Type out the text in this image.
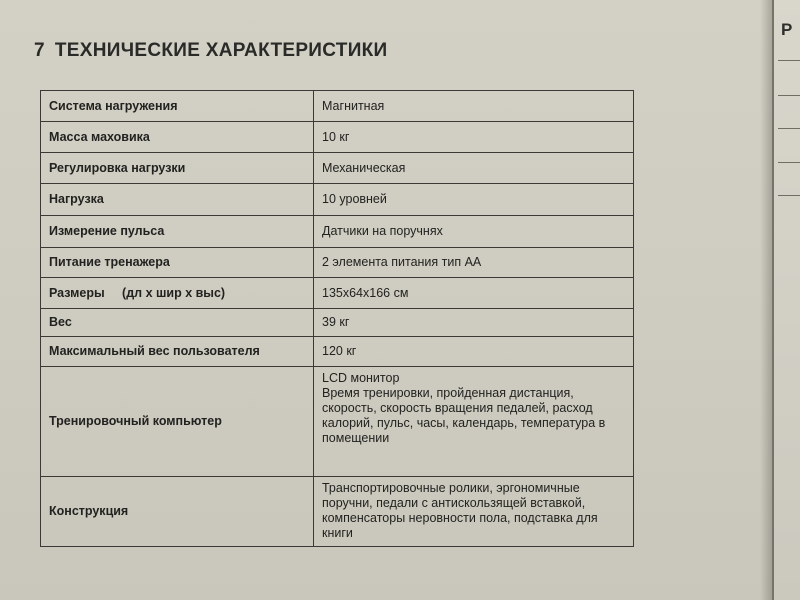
7 ТЕХНИЧЕСКИЕ ХАРАКТЕРИСТИКИ
Система нагружения	Магнитная
Масса маховика	10 кг
Регулировка нагрузки	Механическая
Нагрузка	10 уровней
Измерение пульса	Датчики на поручнях
Питание тренажера	2 элемента питания тип АА
Размеры     (дл x шир x выс)	135x64x166 см
Вес	39 кг
Максимальный вес пользователя	120 кг
Тренировочный компьютер	LCD монитор
Время тренировки, пройденная дистанция,
скорость, скорость вращения педалей, расход
калорий, пульс, часы, календарь, температура в
помещении

Конструкция	Транспортировочные ролики, эргономичные
поручни, педали с антискользящей вставкой,
компенсаторы неровности пола, подставка для
книги
P
